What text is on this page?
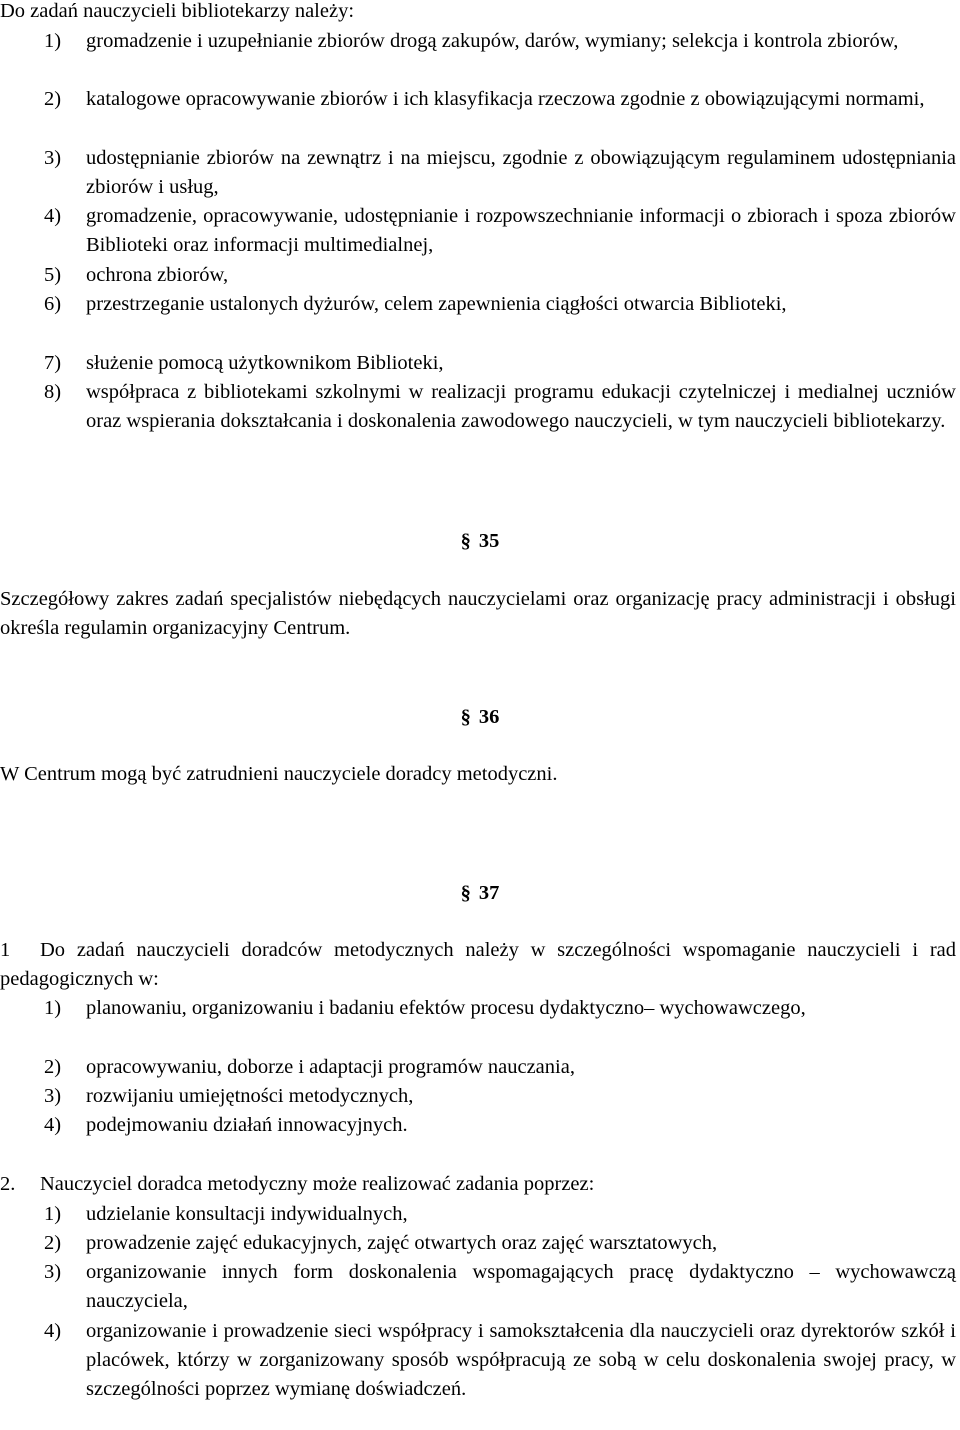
Do zadań nauczycieli bibliotekarzy należy:

1) gromadzenie i uzupełnianie zbiorów drogą zakupów, darów, wymiany; selekcja i kontrola zbiorów,
2) katalogowe opracowywanie zbiorów i ich klasyfikacja rzeczowa zgodnie z obowiązującymi normami,
3) udostępnianie zbiorów na zewnątrz i na miejscu, zgodnie z obowiązującym regulaminem udostępniania zbiorów i usług,
4) gromadzenie, opracowywanie, udostępnianie i rozpowszechnianie informacji o zbiorach i spoza zbiorów Biblioteki oraz informacji multimedialnej,
5) ochrona zbiorów,
6) przestrzeganie ustalonych dyżurów, celem zapewnienia ciągłości otwarcia Biblioteki,
7) służenie pomocą użytkownikom Biblioteki,
8) współpraca z bibliotekami szkolnymi w realizacji programu edukacji czytelniczej i medialnej uczniów oraz wspierania dokształcania i doskonalenia zawodowego nauczycieli, w tym nauczycieli bibliotekarzy.
§ 35

Szczegółowy zakres zadań specjalistów niebędących nauczycielami oraz organizację pracy administracji i obsługi określa regulamin organizacyjny Centrum.

§ 36

W Centrum mogą być zatrudnieni nauczyciele doradcy metodyczni.

§ 37
1	Do zadań nauczycieli doradców metodycznych należy w szczególności wspomaganie nauczycieli i rad pedagogicznych w:
1) planowaniu, organizowaniu i badaniu efektów procesu dydaktyczno– wychowawczego,
2) opracowywaniu, doborze i adaptacji programów nauczania,
3) rozwijaniu umiejętności metodycznych,
4) podejmowaniu działań innowacyjnych.
2.	Nauczyciel doradca metodyczny może realizować zadania poprzez:
1) udzielanie konsultacji indywidualnych,
2) prowadzenie zajęć edukacyjnych, zajęć otwartych oraz zajęć warsztatowych,
3) organizowanie innych form doskonalenia wspomagających pracę dydaktyczno – wychowawczą nauczyciela,
4) organizowanie i prowadzenie sieci współpracy i samokształcenia dla nauczycieli oraz dyrektorów szkół i placówek, którzy w zorganizowany sposób współpracują ze sobą w celu doskonalenia swojej pracy, w szczególności poprzez wymianę doświadczeń.
